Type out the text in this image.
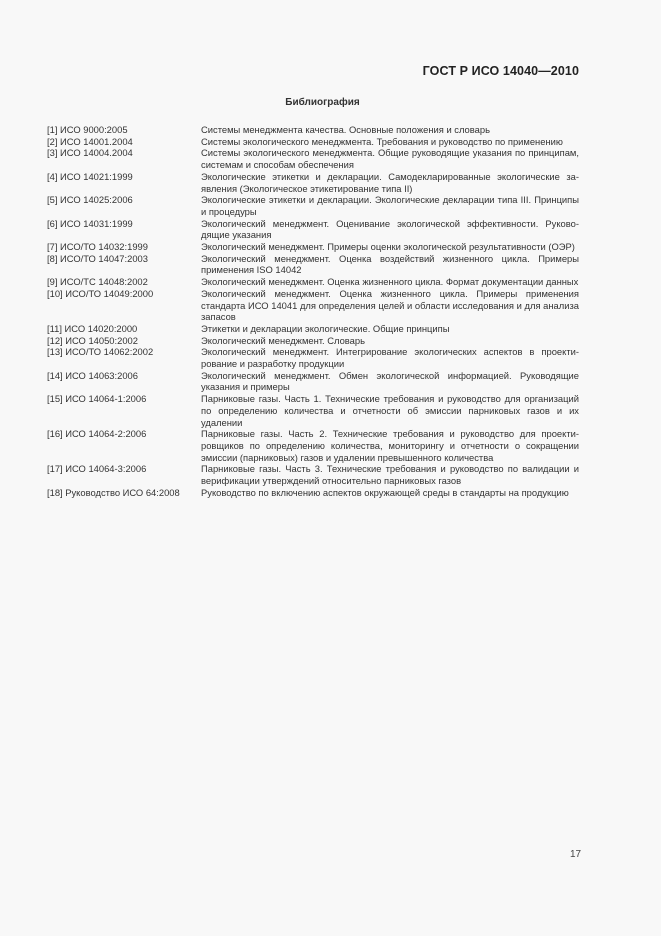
ГОСТ Р ИСО 14040—2010
Библиография
[1] ИСО 9000:2005	Системы менеджмента качества. Основные положения и словарь
[2] ИСО 14001.2004	Системы экологического менеджмента. Требования и руководство по применению
[3] ИСО 14004.2004	Системы экологического менеджмента. Общие руководящие указания по принципам, системам и способам обеспечения
[4] ИСО 14021:1999	Экологические этикетки и декларации. Самодекларированные экологические заявления (Экологическое этикетирование типа II)
[5] ИСО 14025:2006	Экологические этикетки и декларации. Экологические декларации типа III. Принципы и процедуры
[6] ИСО 14031:1999	Экологический менеджмент. Оценивание экологической эффективности. Руководящие указания
[7] ИСО/ТО 14032:1999	Экологический менеджмент. Примеры оценки экологической результативности (ОЭР)
[8] ИСО/ТО 14047:2003	Экологический менеджмент. Оценка воздействий жизненного цикла. Примеры применения ISO 14042
[9] ИСО/ТС 14048:2002	Экологический менеджмент. Оценка жизненного цикла. Формат документации данных
[10] ИСО/ТО 14049:2000	Экологический менеджмент. Оценка жизненного цикла. Примеры применения стандарта ИСО 14041 для определения целей и области исследования и для анализа запасов
[11] ИСО 14020:2000	Этикетки и декларации экологические. Общие принципы
[12] ИСО 14050:2002	Экологический менеджмент. Словарь
[13] ИСО/ТО 14062:2002	Экологический менеджмент. Интегрирование экологических аспектов в проектирование и разработку продукции
[14] ИСО 14063:2006	Экологический менеджмент. Обмен экологической информацией. Руководящие указания и примеры
[15] ИСО 14064-1:2006	Парниковые газы. Часть 1. Технические требования и руководство для организаций по определению количества и отчетности об эмиссии парниковых газов и их удалении
[16] ИСО 14064-2:2006	Парниковые газы. Часть 2. Технические требования и руководство для проектировщиков по определению количества, мониторингу и отчетности о сокращении эмиссии (парниковых) газов и удалении превышенного количества
[17] ИСО 14064-3:2006	Парниковые газы. Часть 3. Технические требования и руководство по валидации и верификации утверждений относительно парниковых газов
[18] Руководство ИСО 64:2008	Руководство по включению аспектов окружающей среды в стандарты на продукцию
17
